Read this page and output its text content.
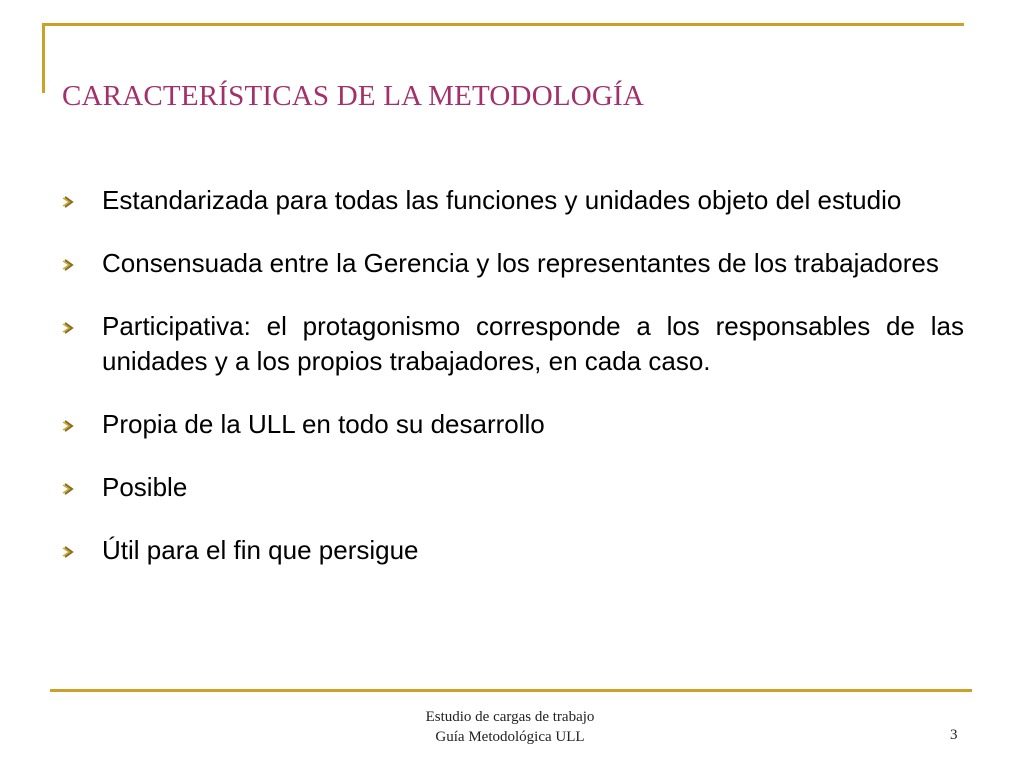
CARACTERÍSTICAS DE LA METODOLOGÍA
Estandarizada para todas las funciones y unidades objeto del estudio
Consensuada entre la Gerencia y los representantes de los trabajadores
Participativa: el protagonismo corresponde a los responsables de las unidades y a los propios trabajadores, en cada caso.
Propia de la ULL en todo su desarrollo
Posible
Útil para el fin que persigue
Estudio de cargas de trabajo
Guía Metodológica ULL	3
